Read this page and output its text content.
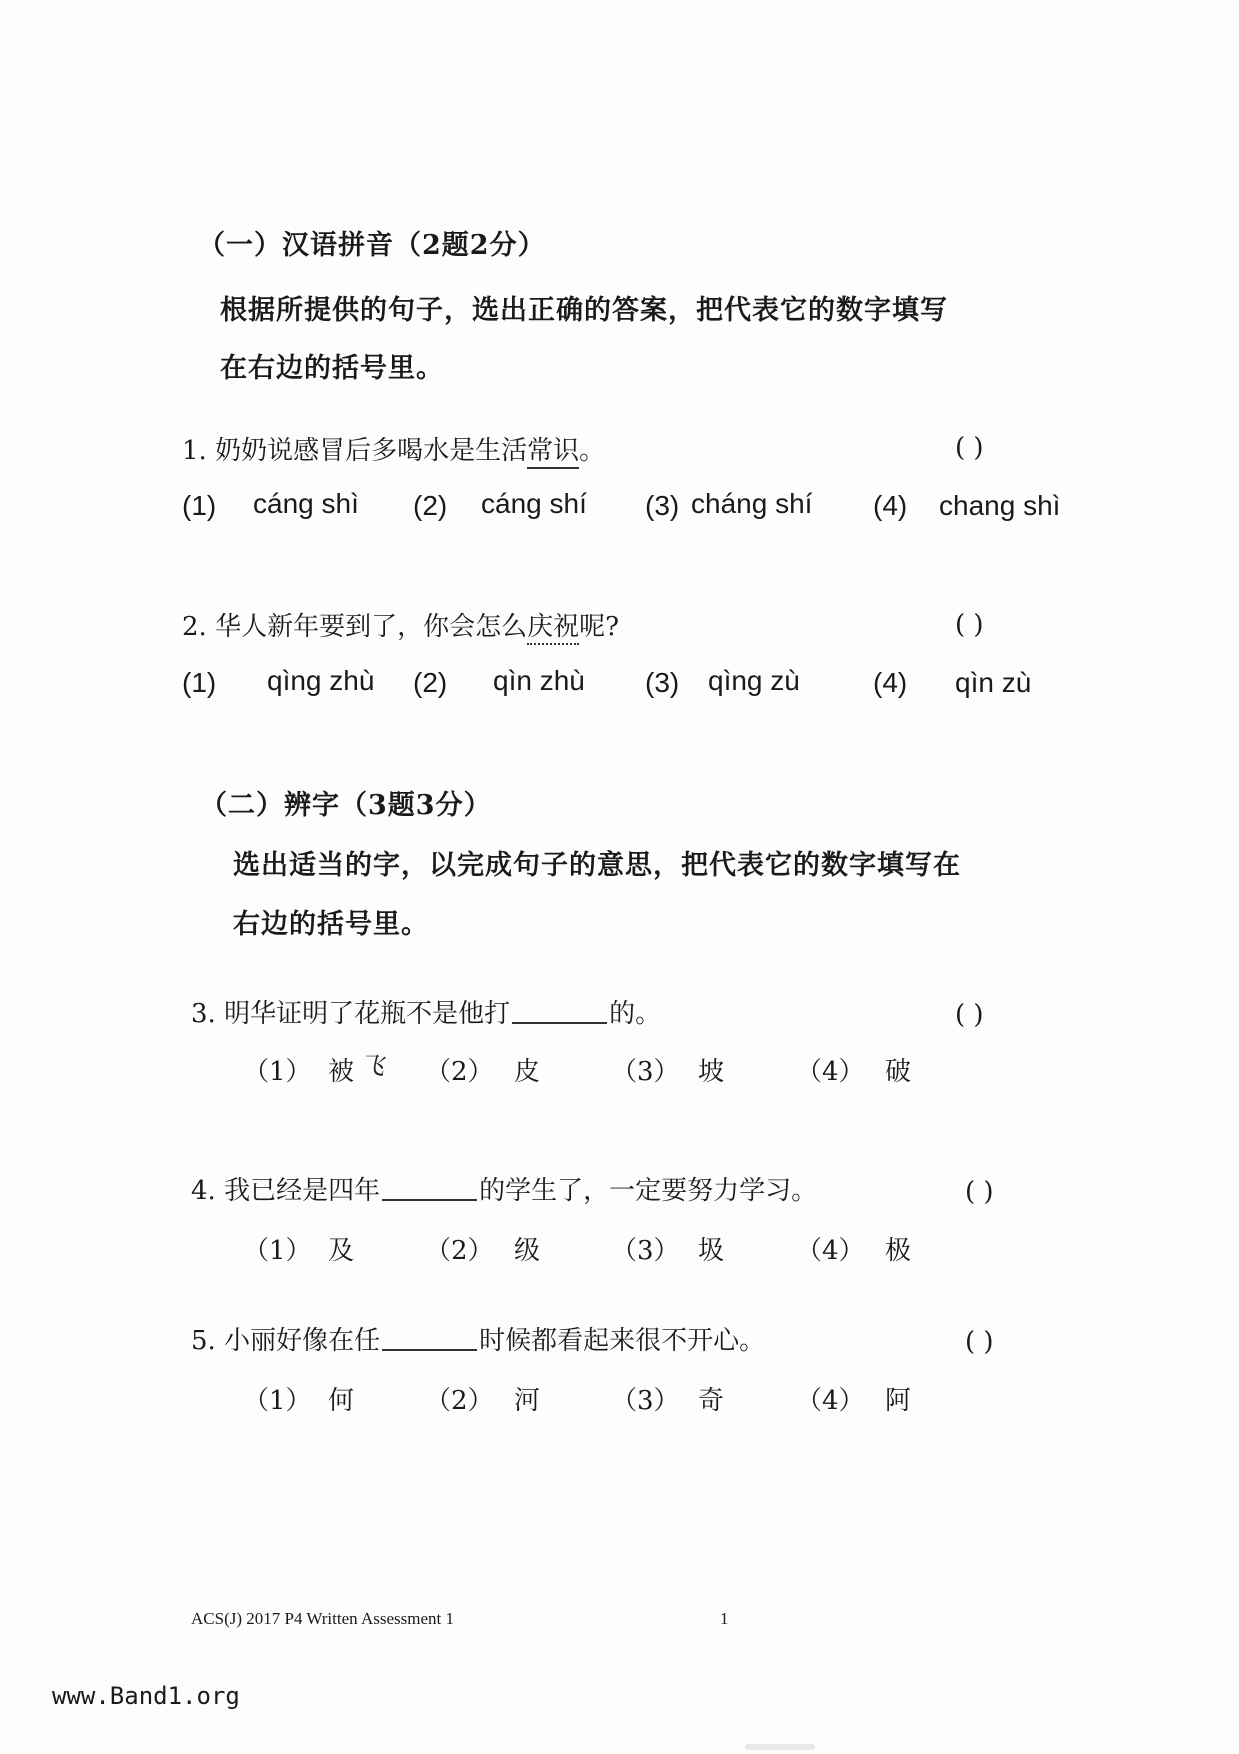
（一）汉语拼音（2题2分）
根据所提供的句子，选出正确的答案，把代表它的数字填写
在右边的括号里。
1. 奶奶说感冒后多喝水是生活常识。	( )
(1) cáng shì (2) cáng shí (3) cháng shí (4) chang shì
2. 华人新年要到了，你会怎么庆祝呢?	( )
(1) qìng zhù (2) qìn zhù (3) qìng zù	(4) qìn zù
（二）辨字（3题3分）
选出适当的字，以完成句子的意思，把代表它的数字填写在
右边的括号里。
3. 明华证明了花瓶不是他打	的。	( )
（1） 被 飞 （2） 皮	（3） 坡	（4） 破
4. 我已经是四年	的学生了，一定要努力学习。	( )
（1） 及	（2） 级	（3） 圾	（4） 极
5. 小丽好像在任	时候都看起来很不开心。	( )
（1） 何	（2） 河	（3） 奇	（4） 阿
ACS(J) 2017 P4 Written Assessment 1	1
www.Band1.org
